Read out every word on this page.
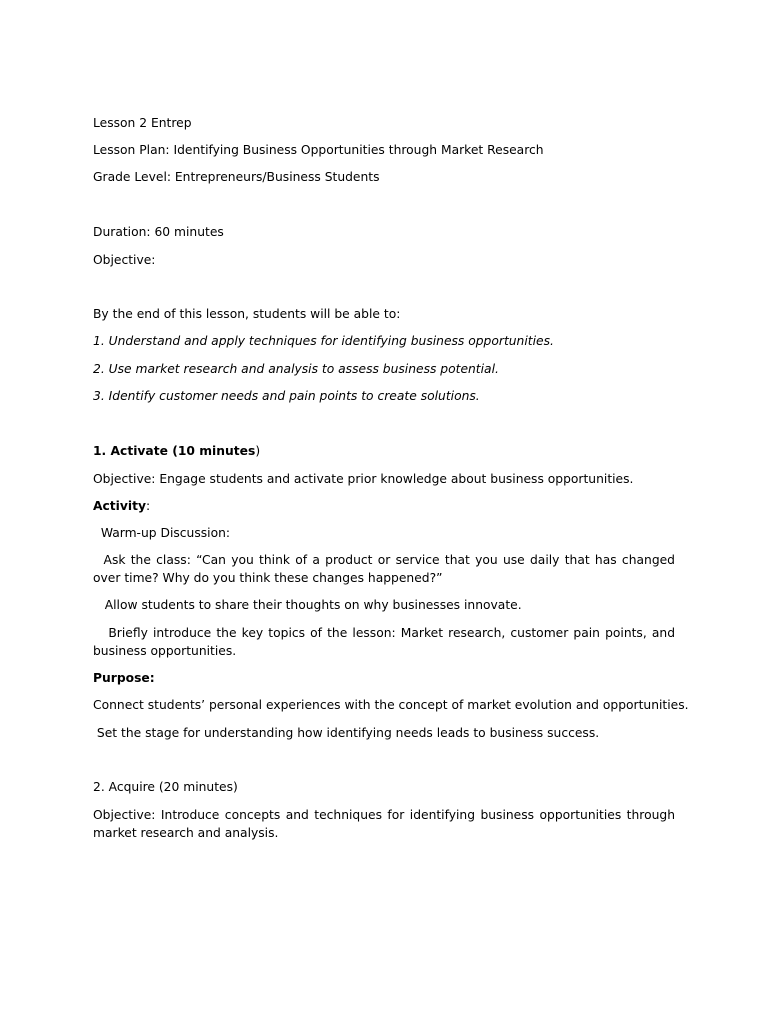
Lesson 2 Entrep
Lesson Plan: Identifying Business Opportunities through Market Research
Grade Level: Entrepreneurs/Business Students
Duration: 60 minutes
Objective:
By the end of this lesson, students will be able to:
1. Understand and apply techniques for identifying business opportunities.
2. Use market research and analysis to assess business potential.
3. Identify customer needs and pain points to create solutions.
1. Activate (10 minutes)
Objective: Engage students and activate prior knowledge about business opportunities.
Activity:
Warm-up Discussion:
Ask the class: “Can you think of a product or service that you use daily that has changed over time? Why do you think these changes happened?”
Allow students to share their thoughts on why businesses innovate.
Briefly introduce the key topics of the lesson: Market research, customer pain points, and business opportunities.
Purpose:
Connect students’ personal experiences with the concept of market evolution and opportunities.
Set the stage for understanding how identifying needs leads to business success.
2. Acquire (20 minutes)
Objective: Introduce concepts and techniques for identifying business opportunities through market research and analysis.
